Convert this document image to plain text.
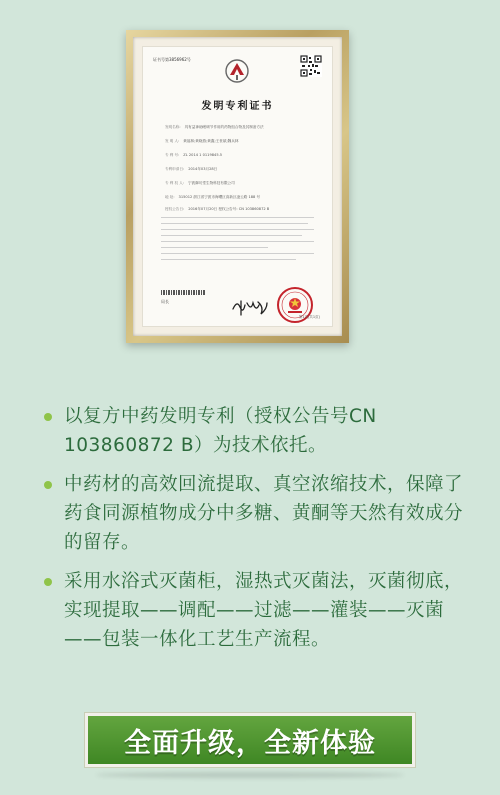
证书号第3856962号
发明专利证书
发明名称: 具有益神助眠调节作用的药物组合物及其制备方法
发 明 人: 黄福林;黄晓燕;黄鑫;王世斌;魏兵林
专 利 号: ZL 2014 1 0119845.5
专利申请日: 2014年03月28日
专 利 权 人: 宁波御坊堂生物科技有限公司
地 址: 315012 浙江省宁波市海曙区高新区凌云路 188 号
授权公告日: 2016年07月20日 授权公告号: CN 103860872 B
局长
第1页(共1页)
以复方中药发明专利（授权公告号CN 103860872 B）为技术依托。
中药材的高效回流提取、真空浓缩技术，保障了药食同源植物成分中多糖、黄酮等天然有效成分的留存。
采用水浴式灭菌柜，湿热式灭菌法，灭菌彻底，实现提取——调配——过滤——灌装——灭菌——包装一体化工艺生产流程。
全面升级，全新体验
